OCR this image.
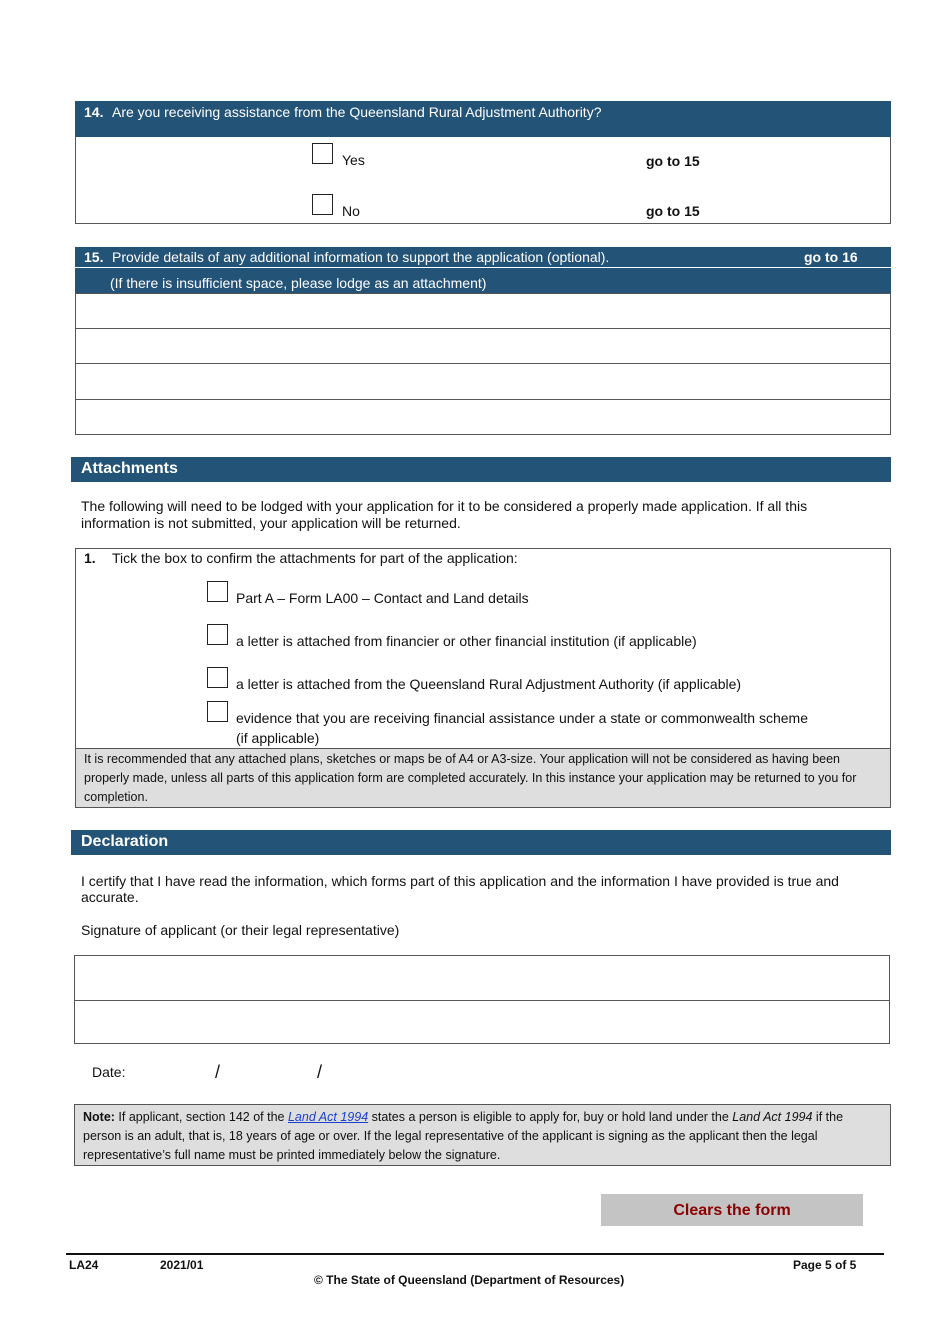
14. Are you receiving assistance from the Queensland Rural Adjustment Authority?
Yes	go to 15
No	go to 15
15. Provide details of any additional information to support the application (optional).	go to 16
(If there is insufficient space, please lodge as an attachment)
Attachments
The following will need to be lodged with your application for it to be considered a properly made application. If all this information is not submitted, your application will be returned.
1. Tick the box to confirm the attachments for part of the application:
Part A – Form LA00 – Contact and Land details
a letter is attached from financier or other financial institution (if applicable)
a letter is attached from the Queensland Rural Adjustment Authority (if applicable)
evidence that you are receiving financial assistance under a state or commonwealth scheme
(if applicable)
It is recommended that any attached plans, sketches or maps be of A4 or A3-size. Your application will not be considered as having been properly made, unless all parts of this application form are completed accurately. In this instance your application may be returned to you for completion.
Declaration
I certify that I have read the information, which forms part of this application and the information I have provided is true and accurate.
Signature of applicant (or their legal representative)
Date:	/	/
Note: If applicant, section 142 of the Land Act 1994 states a person is eligible to apply for, buy or hold land under the Land Act 1994 if the person is an adult, that is, 18 years of age or over. If the legal representative of the applicant is signing as the applicant then the legal representative’s full name must be printed immediately below the signature.
Clears the form
LA24	2021/01	Page 5 of 5
© The State of Queensland (Department of Resources)
